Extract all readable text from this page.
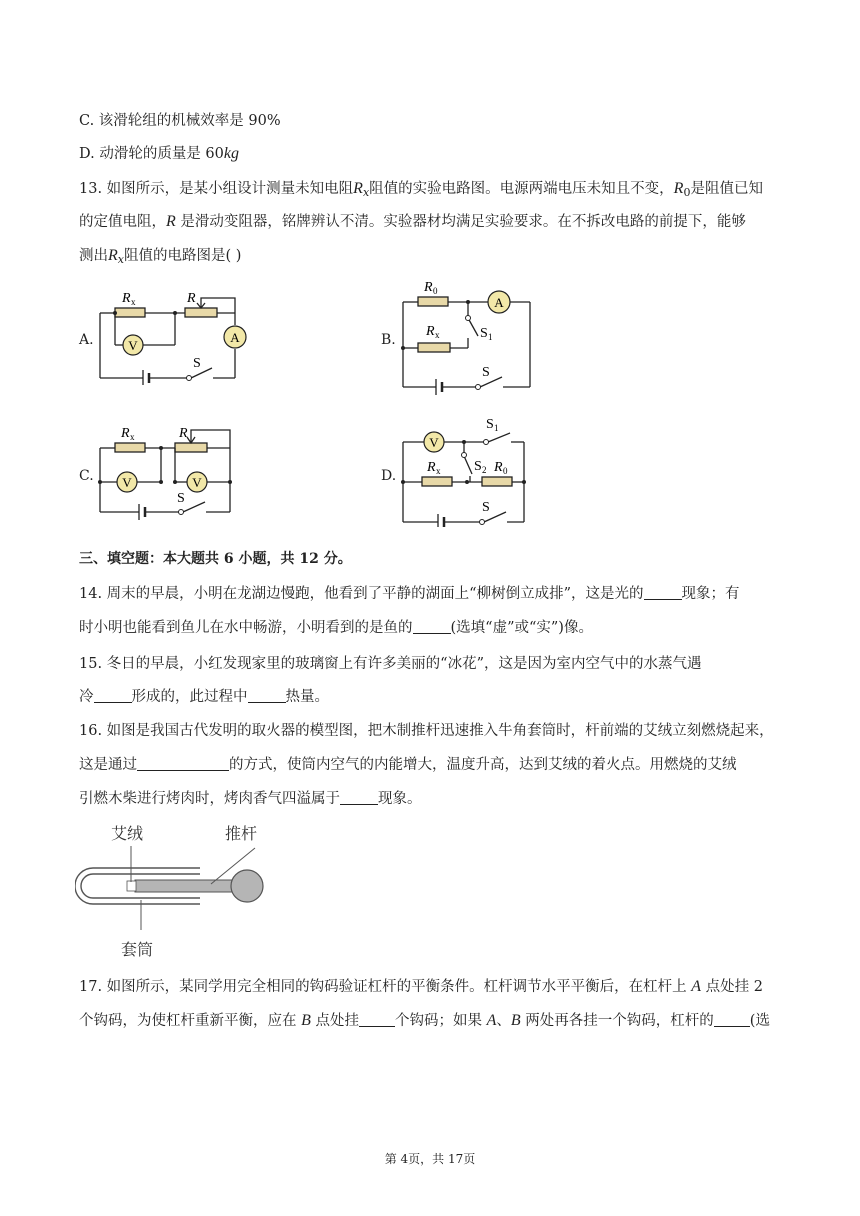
C. 该滑轮组的机械效率是 90%
D. 动滑轮的质量是 60kg
13. 如图所示，是某小组设计测量未知电阻$R_x$阻值的实验电路图。电源两端电压未知且不变，$R_0$是阻值已知
的定值电阻，R 是滑动变阻器，铭牌辨认不清。实验器材均满足实验要求。在不拆改电路的前提下，能够
测出$R_x$阻值的电路图是( )
A.	B.
C.	D.
V
A
R x	R
S
A
R 0
R x	S 1
S
V	V
R x	R
S
V
S 1
S 2
R x	R 0
S
三、填空题：本大题共 6 小题，共 12 分。
14. 周末的早晨，小明在龙湖边慢跑，他看到了平静的湖面上“柳树倒立成排”，这是光的	现象；有
时小明也能看到鱼儿在水中畅游，小明看到的是鱼的	(选填“虚”或“实”)像。
15. 冬日的早晨，小红发现家里的玻璃窗上有许多美丽的“冰花”，这是因为室内空气中的水蒸气遇
冷	形成的，此过程中	热量。
16. 如图是我国古代发明的取火器的模型图，把木制推杆迅速推入牛角套筒时，杆前端的艾绒立刻燃烧起来，
这是通过	的方式，使筒内空气的内能增大，温度升高，达到艾绒的着火点。用燃烧的艾绒
引燃木柴进行烤肉时，烤肉香气四溢属于	现象。
艾绒	推杆
套筒
17. 如图所示，某同学用完全相同的钩码验证杠杆的平衡条件。杠杆调节水平平衡后，在杠杆上 A 点处挂 2
个钩码，为使杠杆重新平衡，应在 B 点处挂 个钩码；如果 A、B 两处再各挂一个钩码，杠杆的 (选
第 4页，共 17页
